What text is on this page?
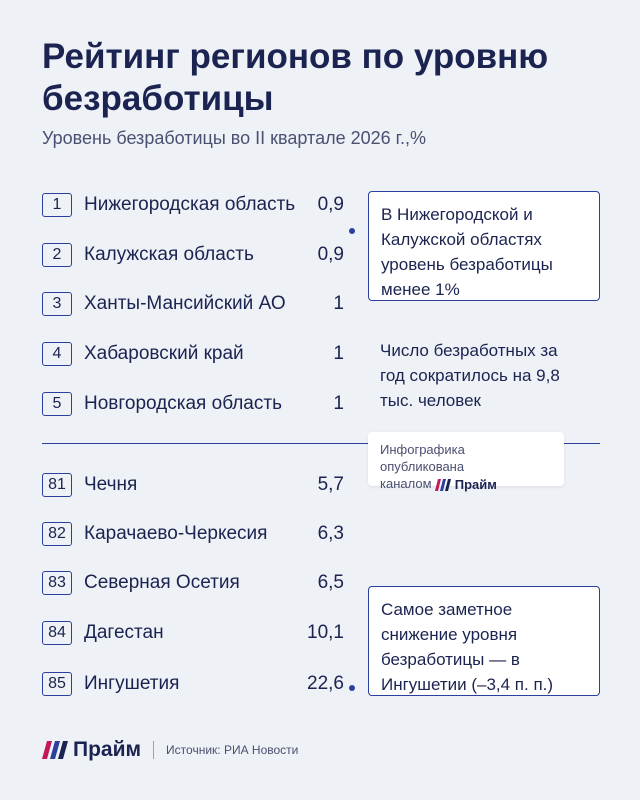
Рейтинг регионов по уровню безработицы
Уровень безработицы во II квартале 2026 г.,%
1	Нижегородская область 0,9
2	Калужская область	0,9
3	Ханты-Мансийский АО	1
4	Хабаровский край	1
5	Новгородская область	1
81 Чечня	5,7
82 Карачаево-Черкесия	6,3
83 Северная Осетия	6,5
84 Дагестан	10,1
85 Ингушетия	22,6
В Нижегородской и Калужской областях уровень безработицы менее 1%
Число безработных за год сократилось на 9,8 тыс. человек
Инфографика опубликована
каналом Прайм
Самое заметное снижение уровня безработицы — в Ингушетии (–3,4 п. п.)
Прайм Источник: РИА Новости
